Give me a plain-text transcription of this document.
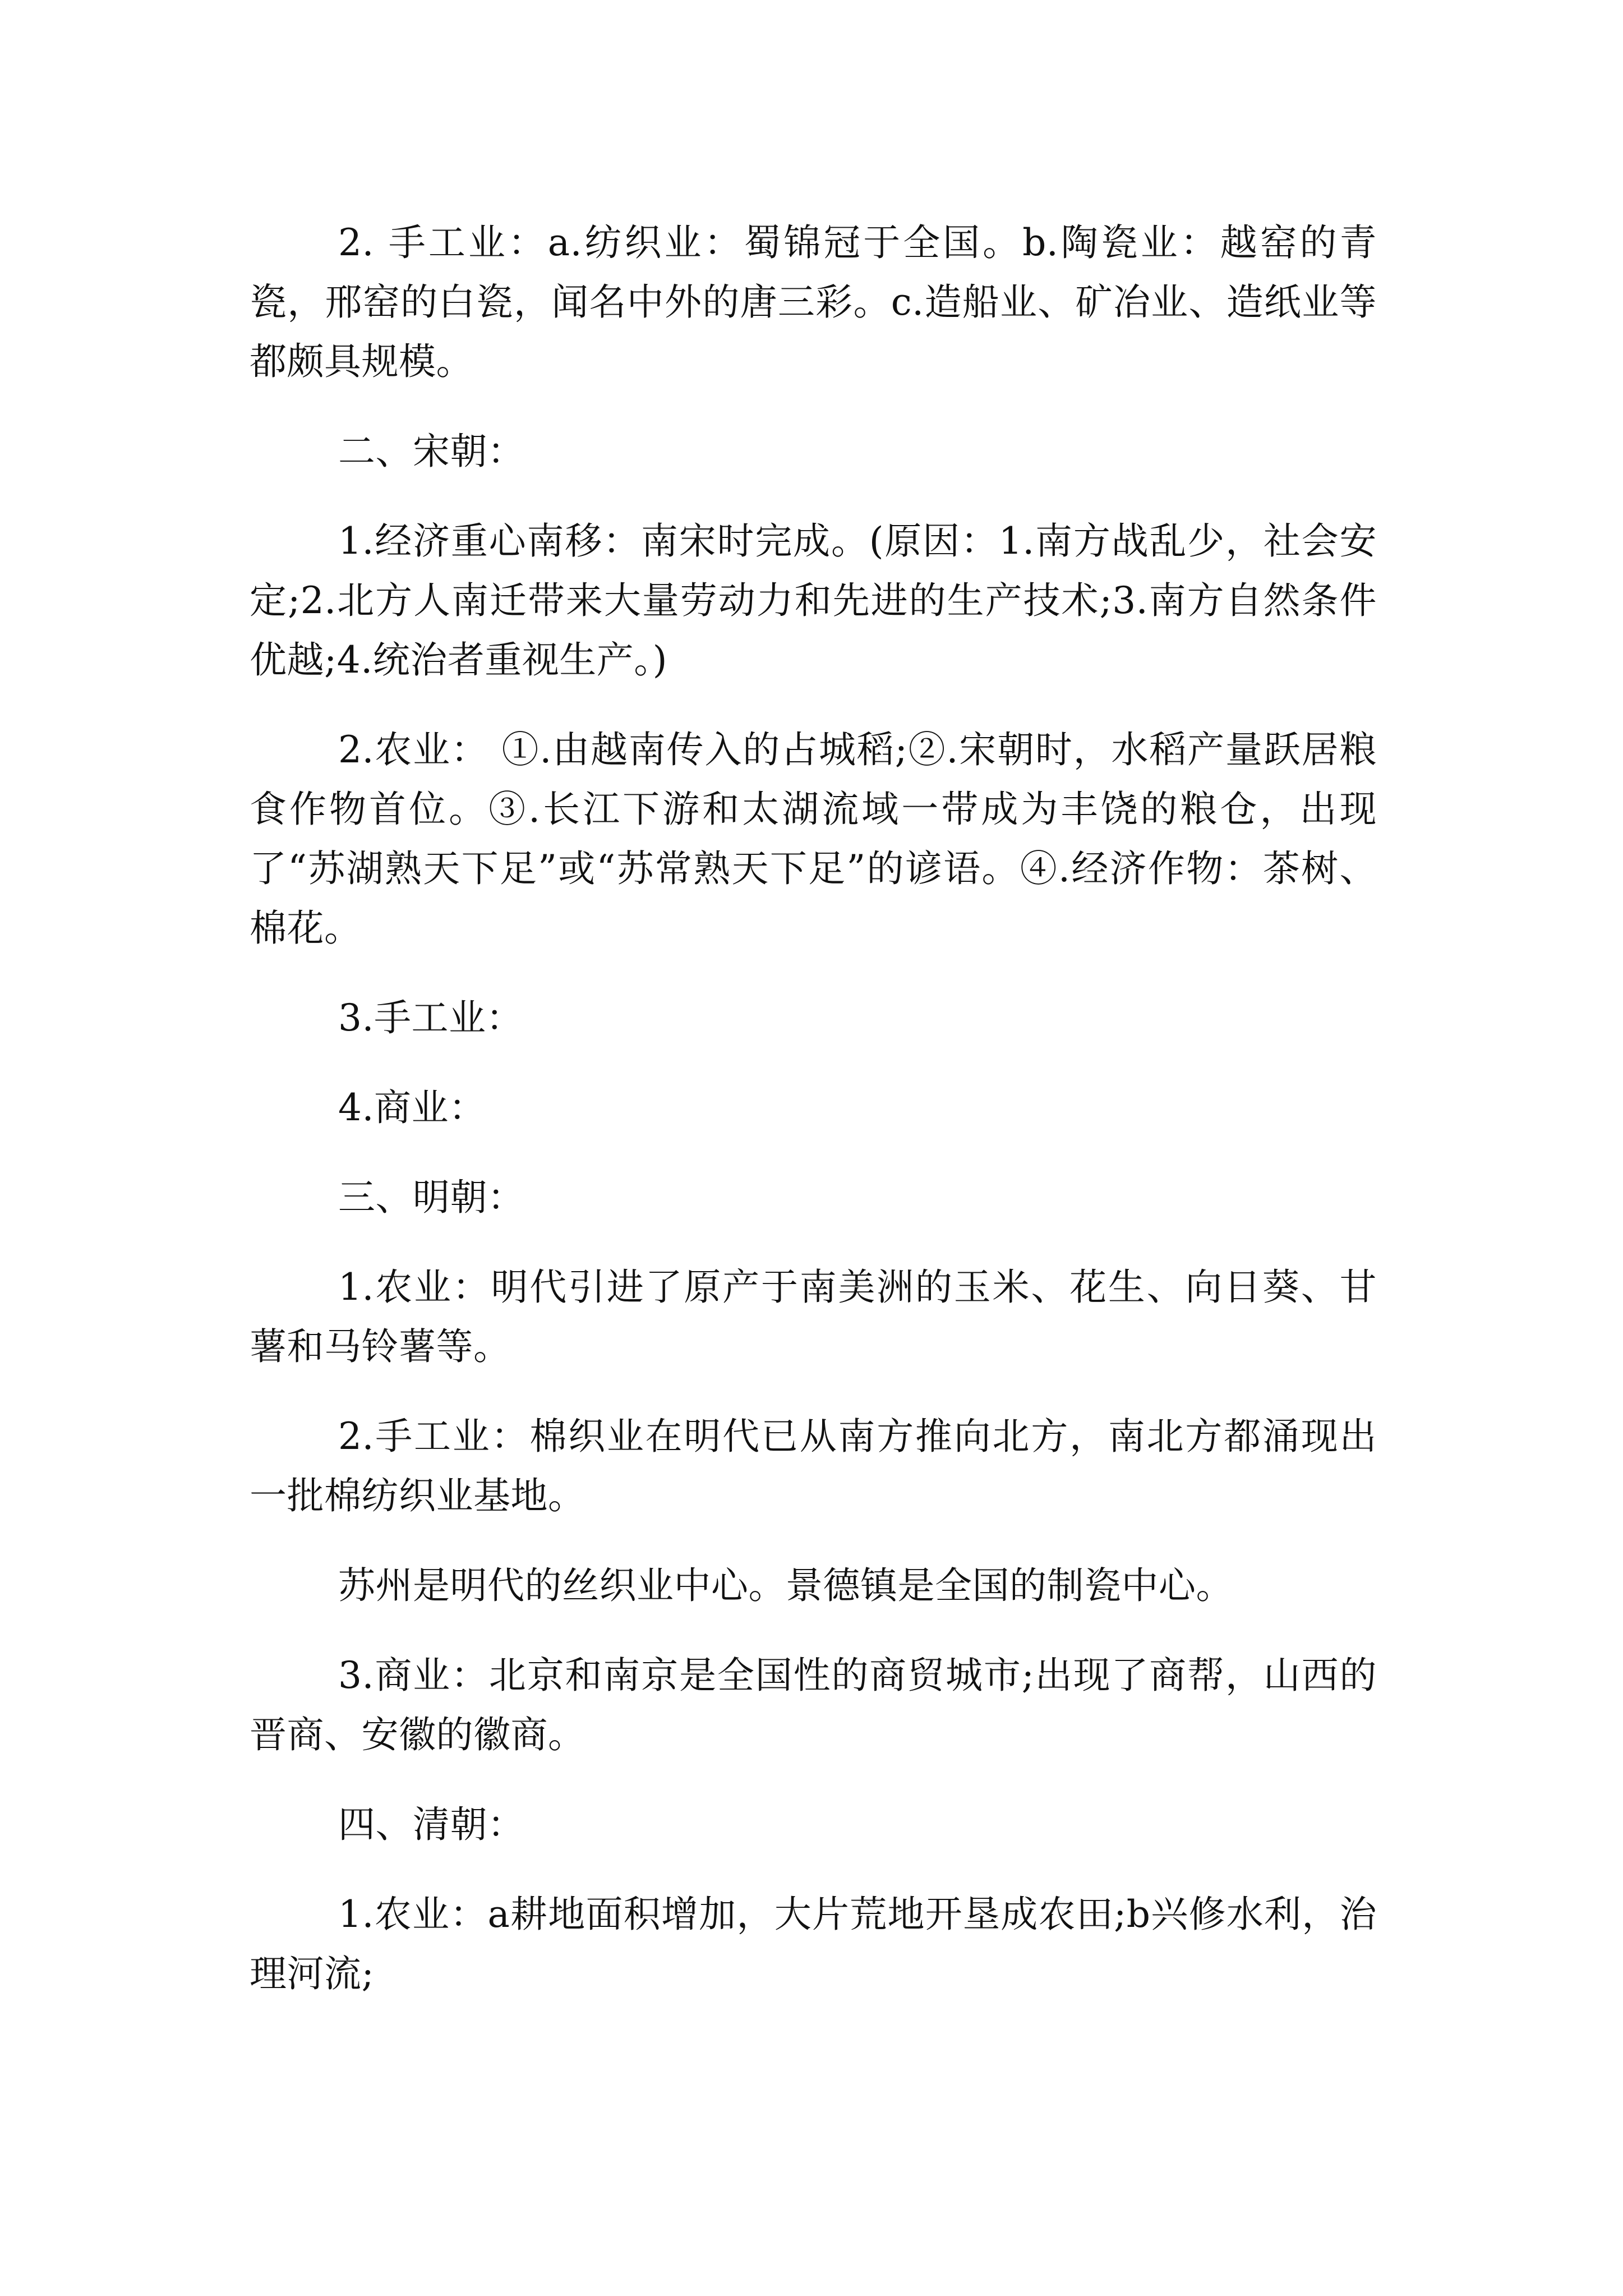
2. 手工业：a.纺织业：蜀锦冠于全国。b.陶瓷业：越窑的青瓷，邢窑的白瓷，闻名中外的唐三彩。c.造船业、矿冶业、造纸业等都颇具规模。

二、宋朝：

1.经济重心南移：南宋时完成。(原因：1.南方战乱少，社会安定;2.北方人南迁带来大量劳动力和先进的生产技术;3.南方自然条件优越;4.统治者重视生产。)

2.农业： ①.由越南传入的占城稻;②.宋朝时，水稻产量跃居粮食作物首位。③.长江下游和太湖流域一带成为丰饶的粮仓，出现了“苏湖熟天下足”或“苏常熟天下足”的谚语。④.经济作物：茶树、棉花。

3.手工业：

4.商业：

三、明朝：

1.农业：明代引进了原产于南美洲的玉米、花生、向日葵、甘薯和马铃薯等。

2.手工业：棉织业在明代已从南方推向北方，南北方都涌现出一批棉纺织业基地。

苏州是明代的丝织业中心。景德镇是全国的制瓷中心。

3.商业：北京和南京是全国性的商贸城市;出现了商帮，山西的晋商、安徽的徽商。

四、清朝：

1.农业：a耕地面积增加，大片荒地开垦成农田;b兴修水利，治理河流;
